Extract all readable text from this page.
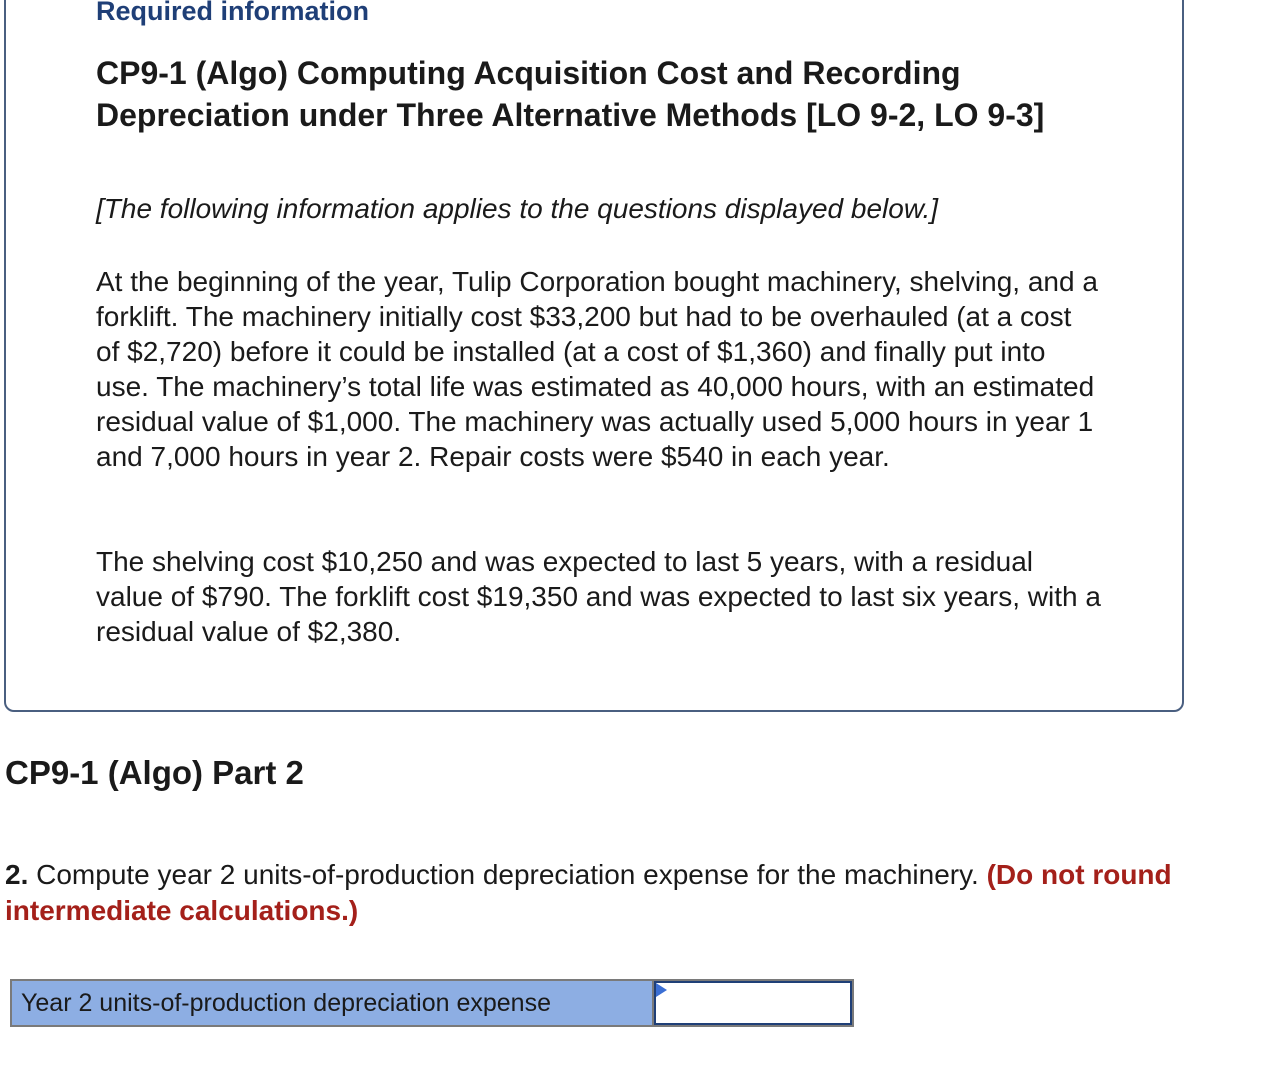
Required information
CP9-1 (Algo) Computing Acquisition Cost and Recording Depreciation under Three Alternative Methods [LO 9-2, LO 9-3]
[The following information applies to the questions displayed below.]
At the beginning of the year, Tulip Corporation bought machinery, shelving, and a forklift. The machinery initially cost $33,200 but had to be overhauled (at a cost of $2,720) before it could be installed (at a cost of $1,360) and finally put into use. The machinery’s total life was estimated as 40,000 hours, with an estimated residual value of $1,000. The machinery was actually used 5,000 hours in year 1 and 7,000 hours in year 2. Repair costs were $540 in each year.
The shelving cost $10,250 and was expected to last 5 years, with a residual value of $790. The forklift cost $19,350 and was expected to last six years, with a residual value of $2,380.
CP9-1 (Algo) Part 2
2. Compute year 2 units-of-production depreciation expense for the machinery. (Do not round intermediate calculations.)
Year 2 units-of-production depreciation expense
